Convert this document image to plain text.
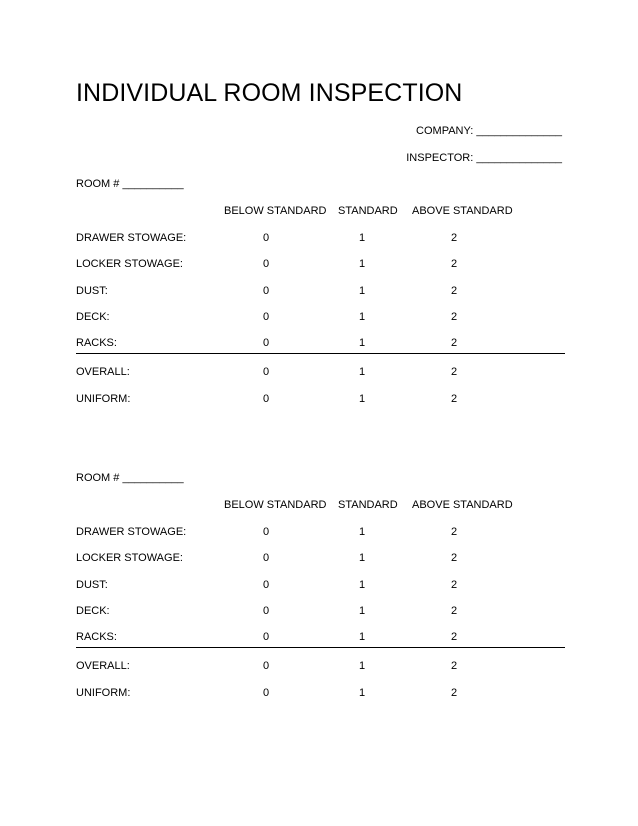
INDIVIDUAL ROOM INSPECTION
COMPANY: ______________
INSPECTOR: ______________
ROOM # __________
BELOW STANDARD STANDARD ABOVE STANDARD
DRAWER STOWAGE:	0	1	2
LOCKER STOWAGE:	0	1	2
DUST:	0	1	2
DECK:	0	1	2
RACKS:	0	1	2
OVERALL:	0	1	2
UNIFORM:	0	1	2
ROOM # __________
BELOW STANDARD STANDARD ABOVE STANDARD
DRAWER STOWAGE:	0	1	2
LOCKER STOWAGE:	0	1	2
DUST:	0	1	2
DECK:	0	1	2
RACKS:	0	1	2
OVERALL:	0	1	2
UNIFORM:	0	1	2
